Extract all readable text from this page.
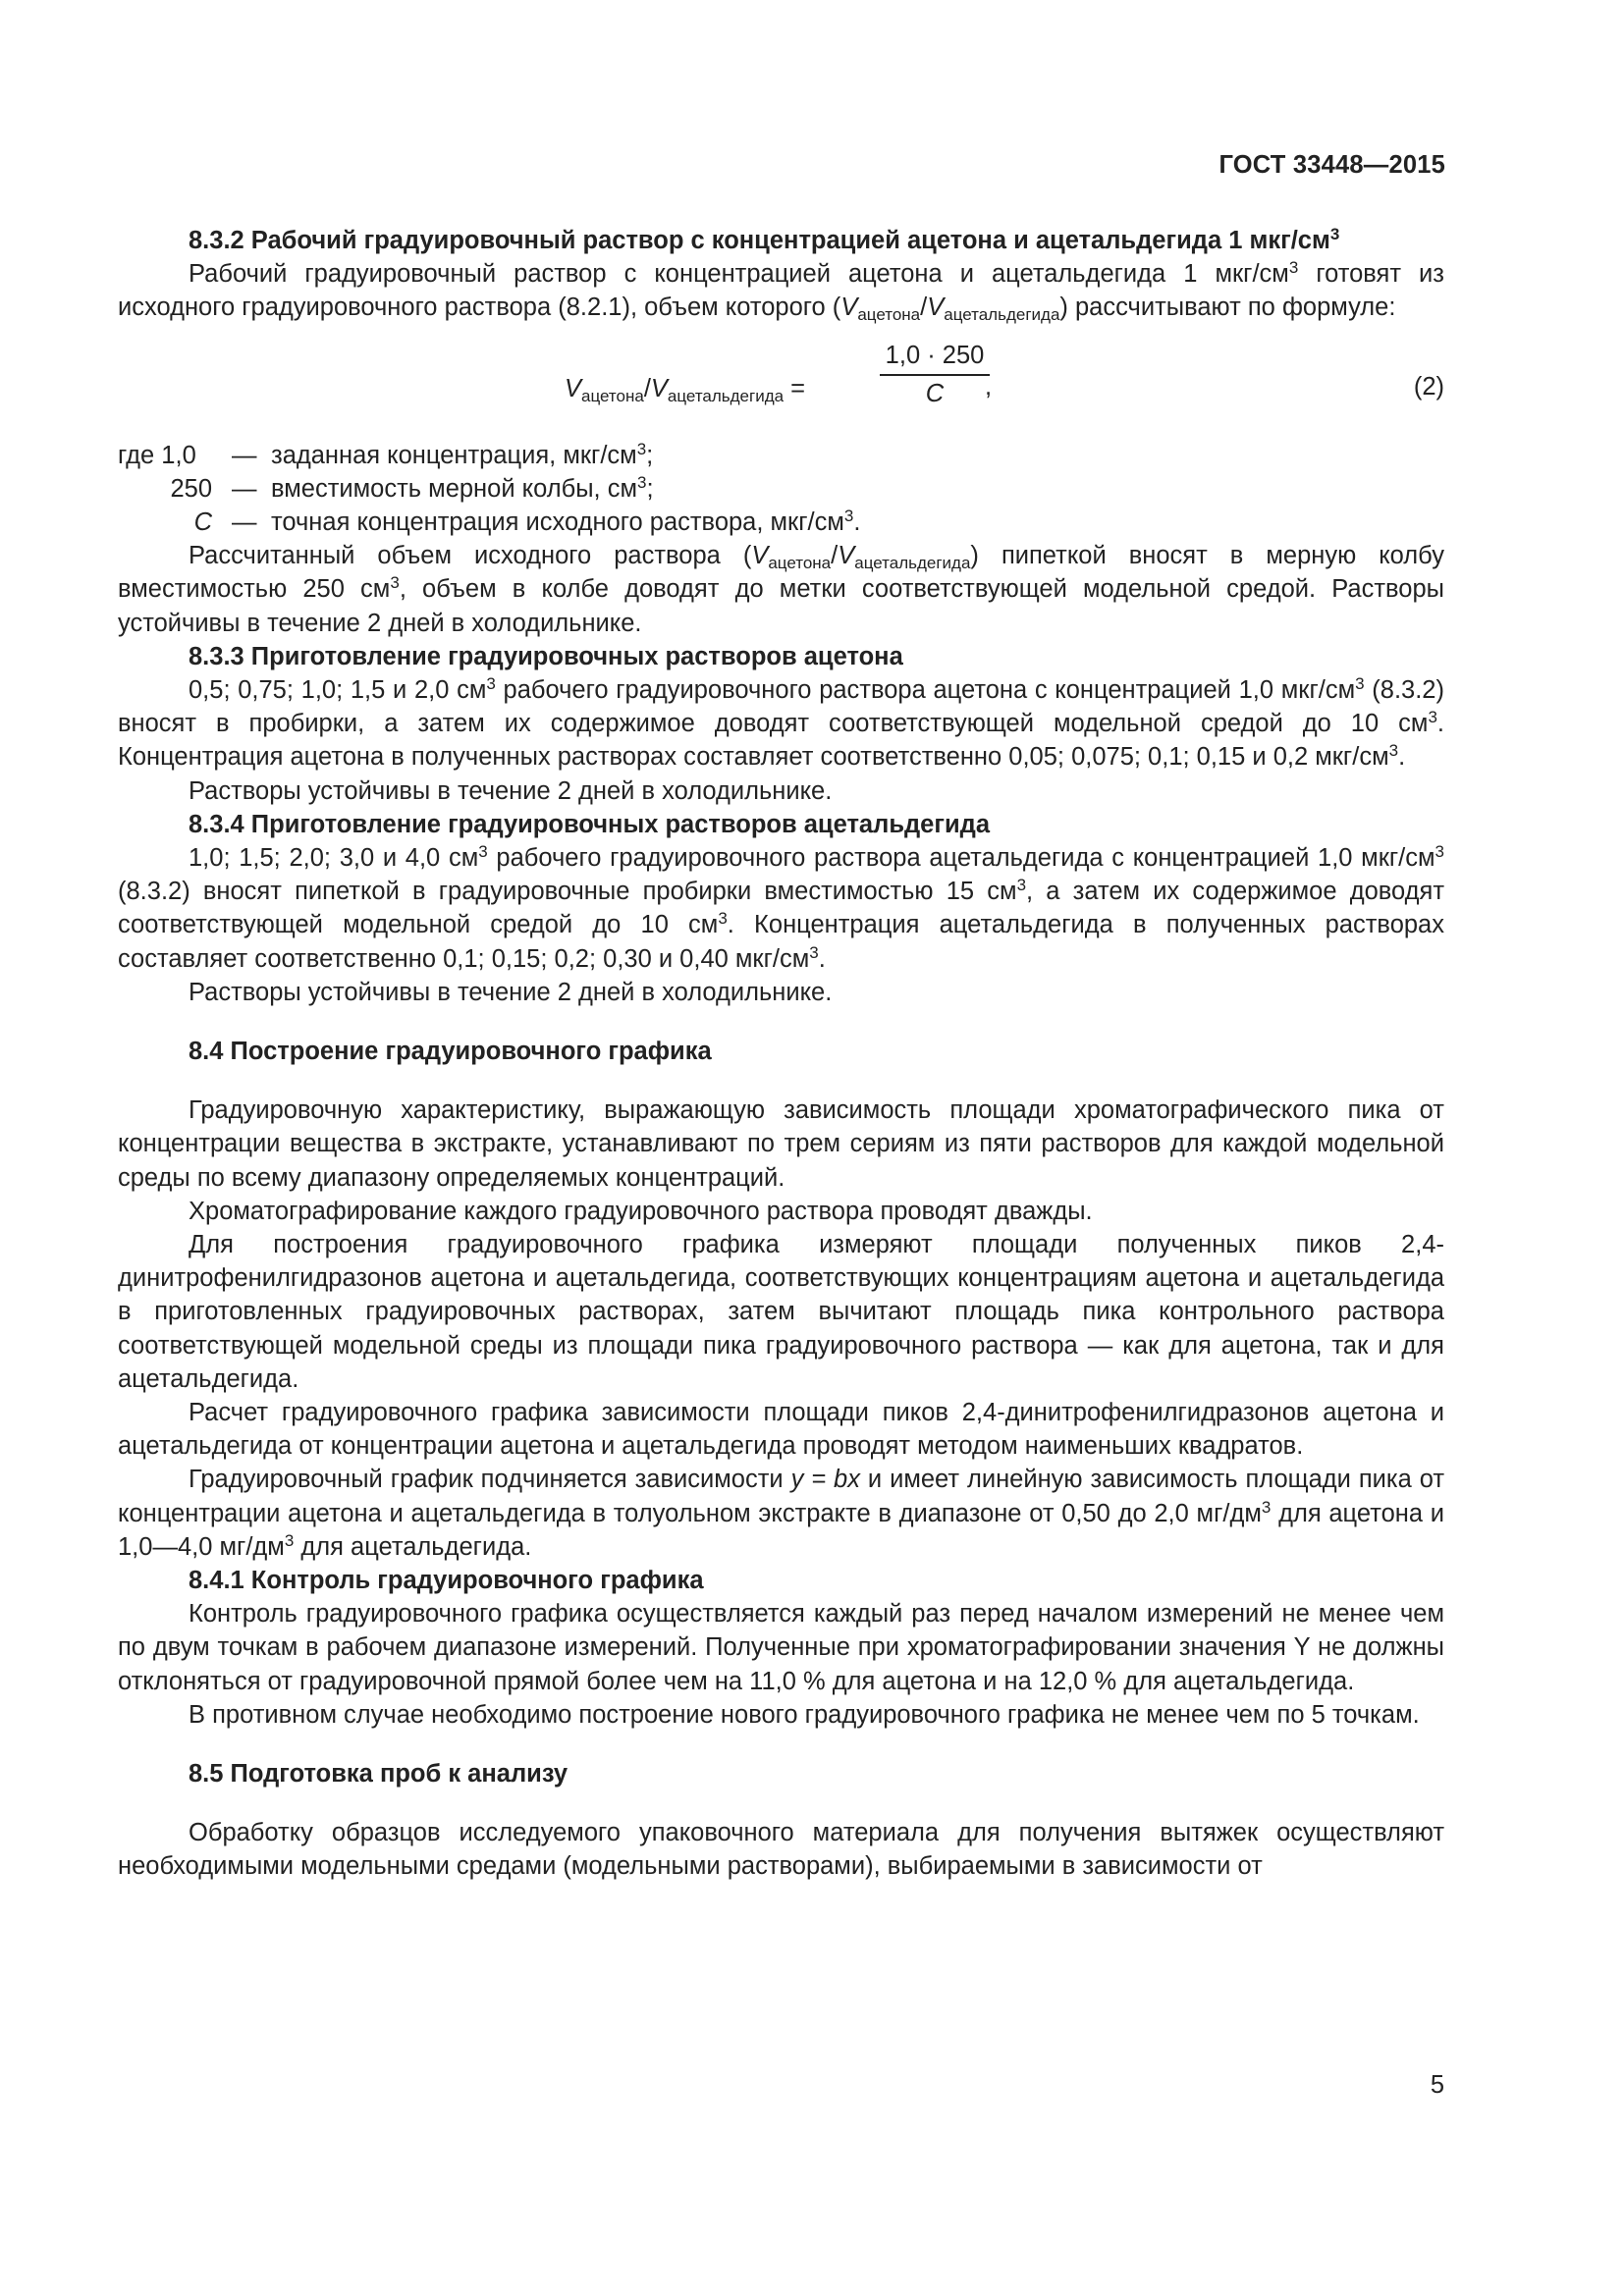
ГОСТ 33448—2015

8.3.2 Рабочий градуировочный раствор с концентрацией ацетона и ацетальдегида 1 мкг/$см^3$

Рабочий градуировочный раствор с концентрацией ацетона и ацетальдегида 1 мкг/$см^3$ готовят из исходного градуировочного раствора (8.2.1), объем которого $(V_{ацетона}/V_{ацетальдегида})$ рассчитывают по формуле:

$V_{ацетона}/V_{ацетальдегида}$ =	$\frac{1,0 \cdot 250}{C}$
,	(2)
где 1,0	— заданная концентрация, мкг/$см^3$;
250 — вместимость мерной колбы, $см^3$;
C — точная концентрация исходного раствора, мкг/$см^3$.

Рассчитанный объем исходного раствора $(V_{ацетона}/V_{ацетальдегида})$ пипеткой вносят в мерную колбу вместимостью 250 $см^3$, объем в колбе доводят до метки соответствующей модельной средой. Растворы устойчивы в течение 2 дней в холодильнике.

8.3.3 Приготовление градуировочных растворов ацетона

0,5; 0,75; 1,0; 1,5 и 2,0 $см^3$ рабочего градуировочного раствора ацетона с концентрацией 1,0 мкг/$см^3$ (8.3.2) вносят в пробирки, а затем их содержимое доводят соответствующей модельной средой до 10 $см^3$. Концентрация ацетона в полученных растворах составляет соответственно 0,05; 0,075; 0,1; 0,15 и 0,2 мкг/$см^3$.

Растворы устойчивы в течение 2 дней в холодильнике.

8.3.4 Приготовление градуировочных растворов ацетальдегида

1,0; 1,5; 2,0; 3,0 и 4,0 $см^3$ рабочего градуировочного раствора ацетальдегида с концентрацией 1,0 мкг/$см^3$ (8.3.2) вносят пипеткой в градуировочные пробирки вместимостью 15 $см^3$, а затем их содержимое доводят соответствующей модельной средой до 10 $см^3$. Концентрация ацетальдегида в полученных растворах составляет соответственно 0,1; 0,15; 0,2; 0,30 и 0,40 мкг/$см^3$.

Растворы устойчивы в течение 2 дней в холодильнике.

8.4 Построение градуировочного графика

Градуировочную характеристику, выражающую зависимость площади хроматографического пика от концентрации вещества в экстракте, устанавливают по трем сериям из пяти растворов для каждой модельной среды по всему диапазону определяемых концентраций.

Хроматографирование каждого градуировочного раствора проводят дважды.

Для построения градуировочного графика измеряют площади полученных пиков 2,4-динитрофенилгидразонов ацетона и ацетальдегида, соответствующих концентрациям ацетона и ацетальдегида в приготовленных градуировочных растворах, затем вычитают площадь пика контрольного раствора соответствующей модельной среды из площади пика градуировочного раствора — как для ацетона, так и для ацетальдегида.

Расчет градуировочного графика зависимости площади пиков 2,4-динитрофенилгидразонов ацетона и ацетальдегида от концентрации ацетона и ацетальдегида проводят методом наименьших квадратов.

Градуировочный график подчиняется зависимости y = bx и имеет линейную зависимость площади пика от концентрации ацетона и ацетальдегида в толуольном экстракте в диапазоне от 0,50 до 2,0 $мг/дм^3$ для ацетона и 1,0—4,0 $мг/дм^3$ для ацетальдегида.

8.4.1 Контроль градуировочного графика

Контроль градуировочного графика осуществляется каждый раз перед началом измерений не менее чем по двум точкам в рабочем диапазоне измерений. Полученные при хроматографировании значения Y не должны отклоняться от градуировочной прямой более чем на 11,0 % для ацетона и на 12,0 % для ацетальдегида.

В противном случае необходимо построение нового градуировочного графика не менее чем по 5 точкам.

8.5 Подготовка проб к анализу

Обработку образцов исследуемого упаковочного материала для получения вытяжек осуществляют необходимыми модельными средами (модельными растворами), выбираемыми в зависимости от

5
